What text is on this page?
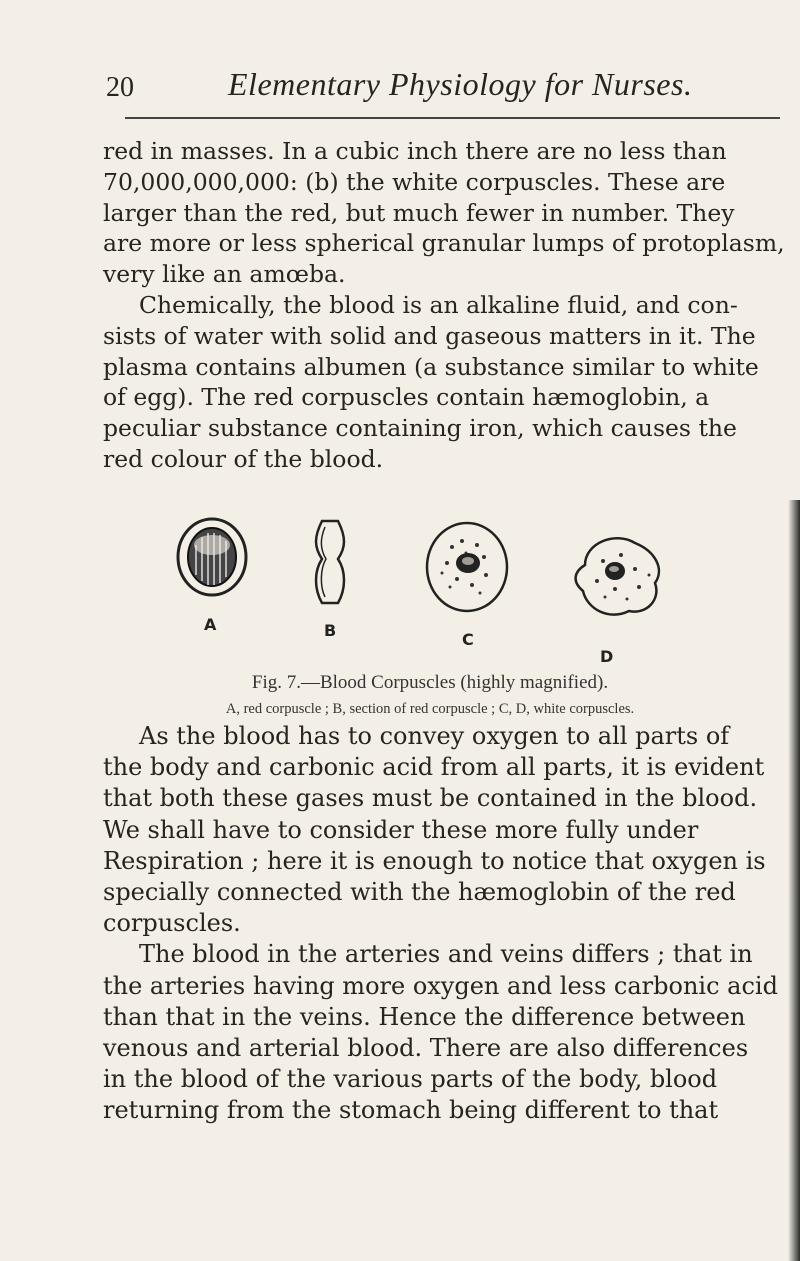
20	Elementary Physiology for Nurses.
red in masses. In a cubic inch there are no less than
70,000,000,000: (b) the white corpuscles. These are
larger than the red, but much fewer in number. They
are more or less spherical granular lumps of protoplasm,
very like an amœba.
Chemically, the blood is an alkaline fluid, and con-
sists of water with solid and gaseous matters in it. The
plasma contains albumen (a substance similar to white
of egg). The red corpuscles contain hæmoglobin, a
peculiar substance containing iron, which causes the
red colour of the blood.
A	B	C
D
Fig. 7.—Blood Corpuscles (highly magnified).
A, red corpuscle ; B, section of red corpuscle ; C, D, white corpuscles.
As the blood has to convey oxygen to all parts of
the body and carbonic acid from all parts, it is evident
that both these gases must be contained in the blood.
We shall have to consider these more fully under
Respiration ; here it is enough to notice that oxygen is
specially connected with the hæmoglobin of the red
corpuscles.
The blood in the arteries and veins differs ; that in
the arteries having more oxygen and less carbonic acid
than that in the veins. Hence the difference between
venous and arterial blood. There are also differences
in the blood of the various parts of the body, blood
returning from the stomach being different to that
